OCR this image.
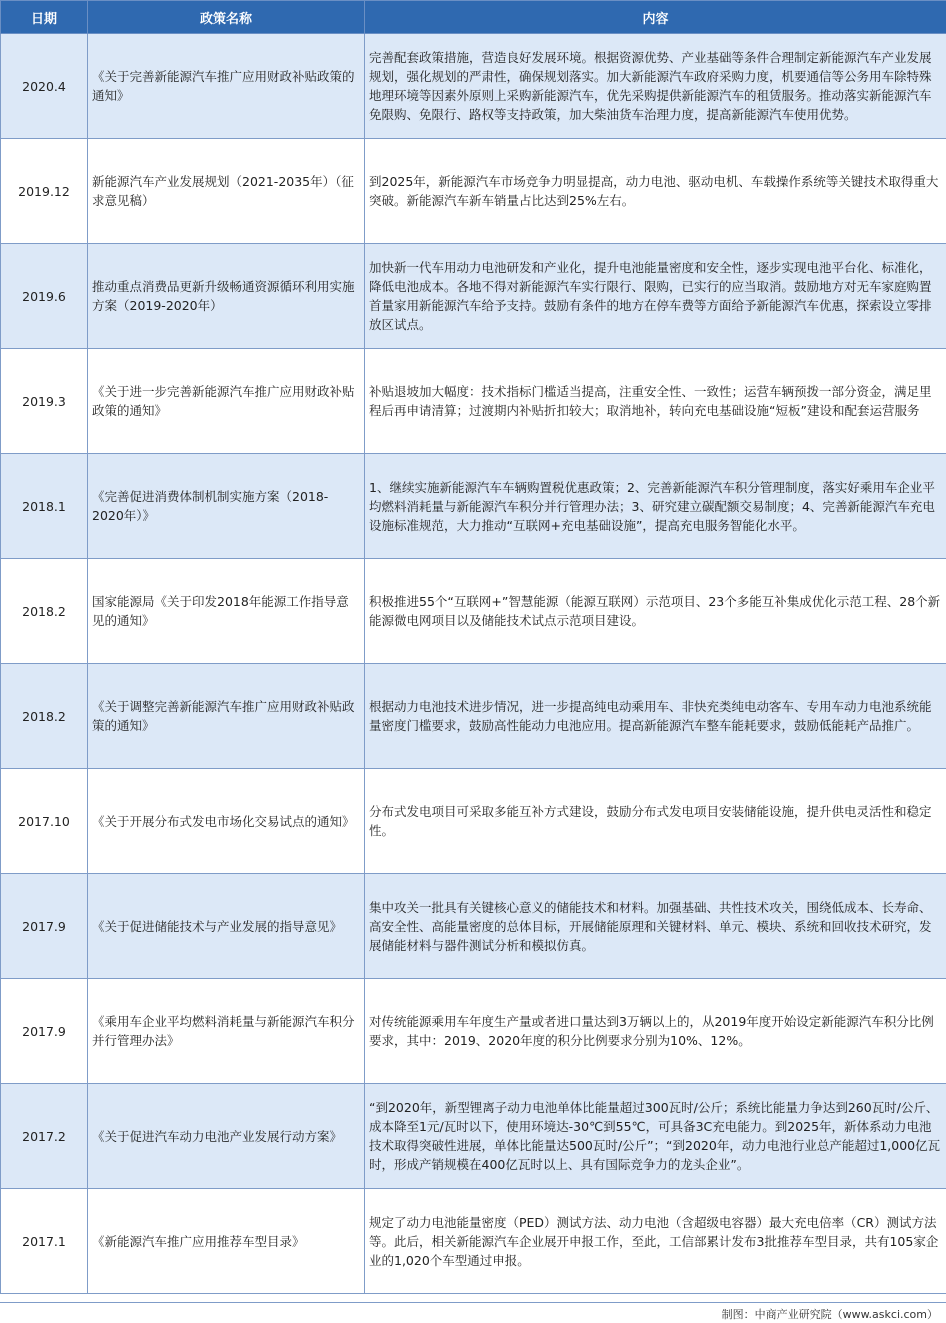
日期	政策名称	内容
2020.4	《关于完善新能源汽车推广应用财政补贴政策的通知》	完善配套政策措施，营造良好发展环境。根据资源优势、产业基础等条件合理制定新能源汽车产业发展规划，强化规划的严肃性，确保规划落实。加大新能源汽车政府采购力度，机要通信等公务用车除特殊地理环境等因素外原则上采购新能源汽车，优先采购提供新能源汽车的租赁服务。推动落实新能源汽车免限购、免限行、路权等支持政策，加大柴油货车治理力度，提高新能源汽车使用优势。
2019.12	新能源汽车产业发展规划（2021-2035年）（征求意见稿）	到2025年，新能源汽车市场竞争力明显提高，动力电池、驱动电机、车载操作系统等关键技术取得重大突破。新能源汽车新车销量占比达到25%左右。
2019.6	推动重点消费品更新升级畅通资源循环利用实施方案（2019-2020年）	加快新一代车用动力电池研发和产业化，提升电池能量密度和安全性，逐步实现电池平台化、标准化，降低电池成本。各地不得对新能源汽车实行限行、限购，已实行的应当取消。鼓励地方对无车家庭购置首量家用新能源汽车给予支持。鼓励有条件的地方在停车费等方面给予新能源汽车优惠，探索设立零排放区试点。
2019.3	《关于进一步完善新能源汽车推广应用财政补贴政策的通知》	补贴退坡加大幅度：技术指标门槛适当提高，注重安全性、一致性；运营车辆预拨一部分资金，满足里程后再申请清算；过渡期内补贴折扣较大；取消地补，转向充电基础设施“短板”建设和配套运营服务
2018.1	《完善促进消费体制机制实施方案（2018-2020年）》	1、继续实施新能源汽车车辆购置税优惠政策；2、完善新能源汽车积分管理制度，落实好乘用车企业平均燃料消耗量与新能源汽车积分并行管理办法；3、研究建立碳配额交易制度；4、完善新能源汽车充电设施标准规范，大力推动“互联网+充电基础设施”，提高充电服务智能化水平。
2018.2	国家能源局《关于印发2018年能源工作指导意见的通知》	积极推进55个“互联网+”智慧能源（能源互联网）示范项目、23个多能互补集成优化示范工程、28个新能源微电网项目以及储能技术试点示范项目建设。
2018.2	《关于调整完善新能源汽车推广应用财政补贴政策的通知》	根据动力电池技术进步情况，进一步提高纯电动乘用车、非快充类纯电动客车、专用车动力电池系统能量密度门槛要求，鼓励高性能动力电池应用。提高新能源汽车整车能耗要求，鼓励低能耗产品推广。
2017.10	《关于开展分布式发电市场化交易试点的通知》	分布式发电项目可采取多能互补方式建设，鼓励分布式发电项目安装储能设施，提升供电灵活性和稳定性。
2017.9	《关于促进储能技术与产业发展的指导意见》	集中攻关一批具有关键核心意义的储能技术和材料。加强基础、共性技术攻关，围绕低成本、长寿命、高安全性、高能量密度的总体目标，开展储能原理和关键材料、单元、模块、系统和回收技术研究，发展储能材料与器件测试分析和模拟仿真。
2017.9	《乘用车企业平均燃料消耗量与新能源汽车积分并行管理办法》	对传统能源乘用车年度生产量或者进口量达到3万辆以上的，从2019年度开始设定新能源汽车积分比例要求，其中：2019、2020年度的积分比例要求分别为10%、12%。
2017.2	《关于促进汽车动力电池产业发展行动方案》	“到2020年，新型锂离子动力电池单体比能量超过300瓦时/公斤；系统比能量力争达到260瓦时/公斤、成本降至1元/瓦时以下，使用环境达-30℃到55℃，可具备3C充电能力。到2025年，新体系动力电池技术取得突破性进展，单体比能量达500瓦时/公斤”；“到2020年，动力电池行业总产能超过1,000亿瓦时，形成产销规模在400亿瓦时以上、具有国际竞争力的龙头企业”。
2017.1	《新能源汽车推广应用推荐车型目录》	规定了动力电池能量密度（PED）测试方法、动力电池（含超级电容器）最大充电倍率（CR）测试方法等。此后，相关新能源汽车企业展开申报工作，至此，工信部累计发布3批推荐车型目录，共有105家企业的1,020个车型通过申报。
制图：中商产业研究院（www.askci.com）
